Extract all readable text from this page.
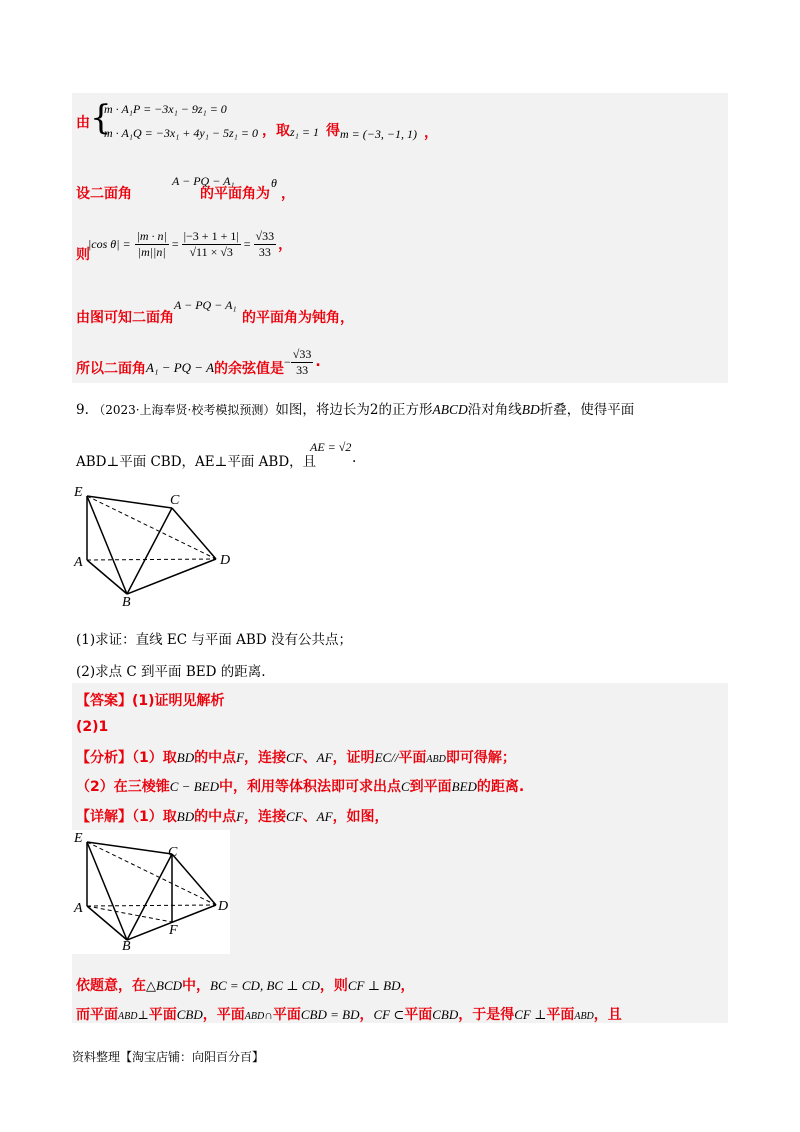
由 {
m · A₁P = −3x₁ − 9z₁ = 0
m · A₁Q = −3x₁ + 4y₁ − 5z₁ = 0 ，取 z₁ = 1 得 m = (−3, −1, 1) ，
设二面角
A − PQ − A₁
的平面角为
θ
，
则
|cos $\theta| = \frac{|m \cdot n|}{|m||n|} = \frac{|-3 + 1 + 1|}{√11 \times √3} = \frac{√33}{33}$ ，
由图可知二面角
A − PQ − A₁
的平面角为钝角，
所以二面角 A₁ − PQ − A 的余弦值是 − $\frac{√33}{33}$ .
9. （2023·上海奉贤·校考模拟预测）如图，将边长为2的正方形ABCD沿对角线BD折叠，使得平面
ABD⊥平面 CBD，AE⊥平面 ABD，且
AE = √2
.
E
C
A	D
B
(1)求证：直线 EC 与平面 ABD 没有公共点；
(2)求点 C 到平面 BED 的距离.
【答案】(1)证明见解析
(2)1
【分析】（1）取BD的中点F，连接CF、AF，证明EC//平面ABD即可得解；
（2）在三棱锥C − BED中，利用等体积法即可求出点C到平面BED的距离.
【详解】（1）取BD的中点F，连接CF、AF，如图，
E
C
A	D
B
F
依题意，在△BCD中，BC = CD, BC ⊥ CD，则CF ⊥ BD，
而平面ABD⊥平面CBD，平面ABD∩平面CBD = BD，CF ⊂平面CBD，于是得CF ⊥平面ABD，且
资料整理【淘宝店铺：向阳百分百】
